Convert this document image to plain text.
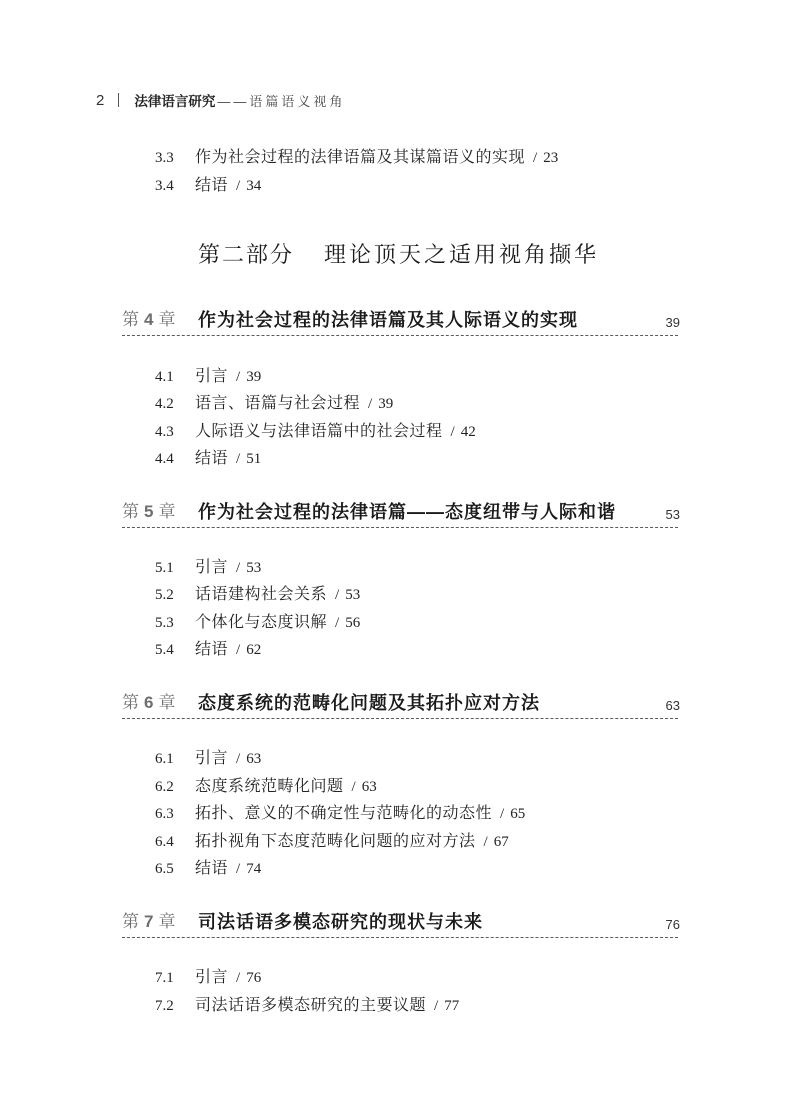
2 法律语言研究 ——语篇语义视角
3.3 作为社会过程的法律语篇及其谋篇语义的实现 / 23
3.4 结语 / 34
第二部分 理论顶天之适用视角撷华
第 4 章 作为社会过程的法律语篇及其人际语义的实现	39
4.1 引言 / 39
4.2 语言、语篇与社会过程 / 39
4.3 人际语义与法律语篇中的社会过程 / 42
4.4 结语 / 51
第 5 章 作为社会过程的法律语篇——态度纽带与人际和谐	53
5.1 引言 / 53
5.2 话语建构社会关系 / 53
5.3 个体化与态度识解 / 56
5.4 结语 / 62
第 6 章 态度系统的范畴化问题及其拓扑应对方法	63
6.1 引言 / 63
6.2 态度系统范畴化问题 / 63
6.3 拓扑、意义的不确定性与范畴化的动态性 / 65
6.4 拓扑视角下态度范畴化问题的应对方法 / 67
6.5 结语 / 74
第 7 章 司法话语多模态研究的现状与未来	76
7.1 引言 / 76
7.2 司法话语多模态研究的主要议题 / 77
